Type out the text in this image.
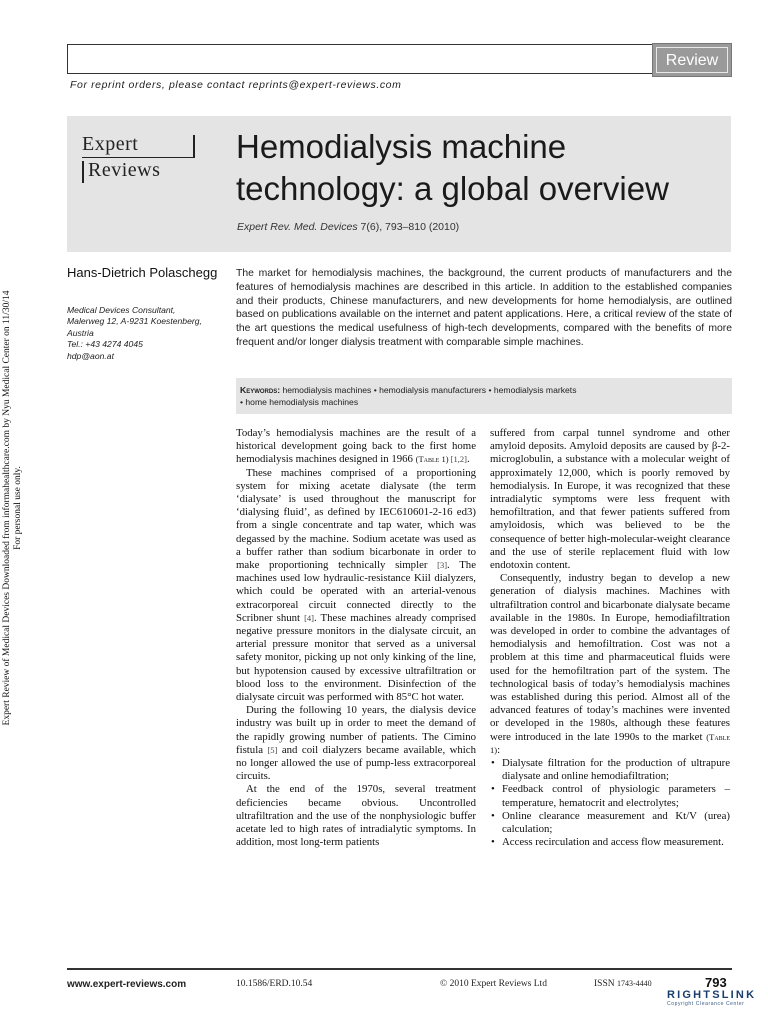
Review
For reprint orders, please contact reprints@expert-reviews.com
Expert Review of Medical Devices Downloaded from informahealthcare.com by Nyu Medical Center on 11/30/14
For personal use only.
Expert
Reviews
Hemodialysis machine technology: a global overview
Expert Rev. Med. Devices 7(6), 793–810 (2010)
Hans-Dietrich Polaschegg
Medical Devices Consultant,
Malerweg 12, A-9231 Koestenberg,
Austria
Tel.: +43 4274 4045
hdp@aon.at
The market for hemodialysis machines, the background, the current products of manufacturers and the features of hemodialysis machines are described in this article. In addition to the established companies and their products, Chinese manufacturers, and new developments for home hemodialysis, are outlined based on publications available on the internet and patent applications. Here, a critical review of the state of the art questions the medical usefulness of high-tech developments, compared with the benefits of more frequent and/or longer dialysis treatment with comparable simple machines.
Keywords: hemodialysis machines • hemodialysis manufacturers • hemodialysis markets
• home hemodialysis machines

Today’s hemodialysis machines are the result of a historical development going back to the first home hemodialysis machines designed in 1966 (Table 1) [1,2].

These machines comprised of a proportioning system for mixing acetate dialysate (the term ‘dialysate’ is used throughout the manuscript for ‘dialysing fluid’, as defined by IEC610601-2-16 ed3) from a single concentrate and tap water, which was degassed by the machine. Sodium acetate was used as a buffer rather than sodium bicarbonate in order to make proportioning technically simpler [3]. The machines used low hydraulic-resistance Kiil dialyzers, which could be operated with an arterial-venous extracorporeal circuit connected directly to the Scribner shunt [4]. These machines already comprised negative pressure monitors in the dialysate circuit, an arterial pressure monitor that served as a universal safety monitor, picking up not only kinking of the line, but hypotension caused by excessive ultrafiltration or blood loss to the environment. Disinfection of the dialysate circuit was performed with 85°C hot water.

During the following 10 years, the dialysis device industry was built up in order to meet the demand of the rapidly growing number of patients. The Cimino fistula [5] and coil dialyzers became available, which no longer allowed the use of pump-less extracorporeal circuits.

At the end of the 1970s, several treatment deficiencies became obvious. Uncontrolled ultrafiltration and the use of the nonphysiologic buffer acetate led to high rates of intradialytic symptoms. In addition, most long-term patients

suffered from carpal tunnel syndrome and other amyloid deposits. Amyloid deposits are caused by β-2-microglobulin, a substance with a molecular weight of approximately 12,000, which is poorly removed by hemodialysis. In Europe, it was recognized that these intradialytic symptoms were less frequent with hemofiltration, and that fewer patients suffered from amyloidosis, which was believed to be the consequence of better high-molecular-weight clearance and the use of sterile replacement fluid with low endotoxin content.

Consequently, industry began to develop a new generation of dialysis machines. Machines with ultrafiltration control and bicarbonate dialysate became available in the 1980s. In Europe, hemodiafiltration was developed in order to combine the advantages of hemodialysis and hemofiltration. Cost was not a problem at this time and pharmaceutical fluids were used for the hemofiltration part of the system. The technological basis of today’s hemodialysis machines was established during this period. Almost all of the advanced features of today’s machines were invented or developed in the 1980s, although these features were introduced in the late 1990s to the market (Table 1):

• Dialysate filtration for the production of ultrapure dialysate and online hemodiafiltration;
• Feedback control of physiologic parameters – temperature, hematocrit and electrolytes;
• Online clearance measurement and Kt/V (urea) calculation;
• Access recirculation and access flow measurement.
www.expert-reviews.com	10.1586/ERD.10.54	© 2010 Expert Reviews Ltd	ISSN 1743-4440	793
RIGHTSLINK
Copyright Clearance Center
